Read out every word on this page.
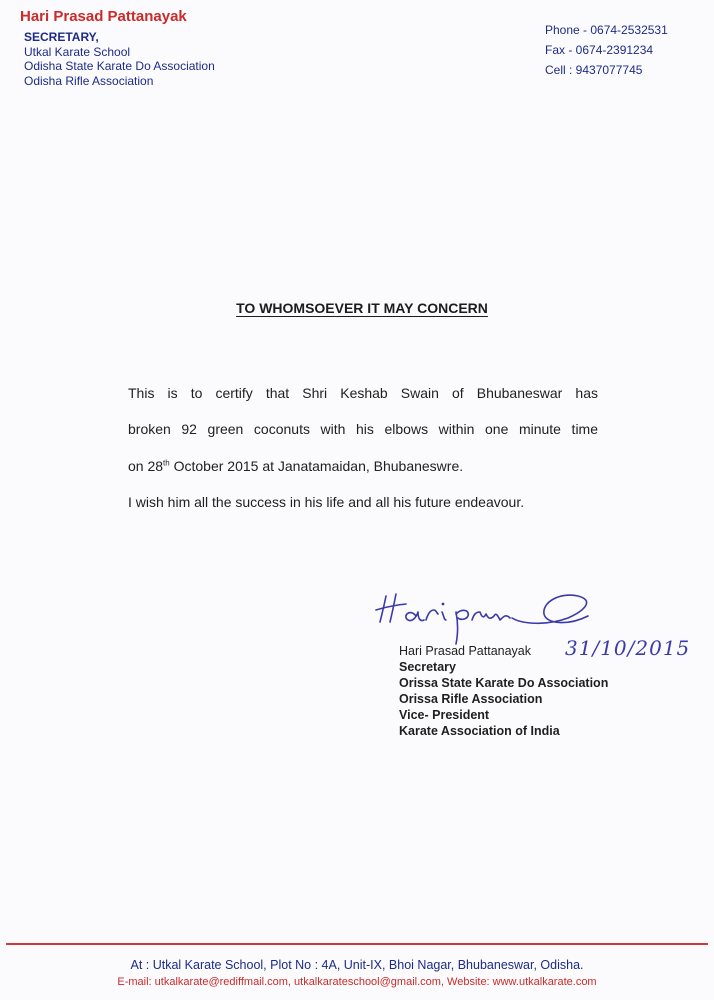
Hari Prasad Pattanayak
SECRETARY,
Utkal Karate School
Odisha State Karate Do Association
Odisha Rifle Association
Phone - 0674-2532531
Fax - 0674-2391234
Cell : 9437077745
TO WHOMSOEVER IT MAY CONCERN
This is to certify that Shri Keshab Swain of Bhubaneswar has
broken 92 green coconuts with his elbows within one minute time
on 28th October 2015 at Janatamaidan, Bhubaneswre.
I wish him all the success in his life and all his future endeavour.
31/10/2015
Hari Prasad Pattanayak
Secretary
Orissa State Karate Do Association
Orissa Rifle Association
Vice- President
Karate Association of India
At : Utkal Karate School, Plot No : 4A, Unit-IX, Bhoi Nagar, Bhubaneswar, Odisha.
E-mail: utkalkarate@rediffmail.com, utkalkarateschool@gmail.com, Website: www.utkalkarate.com
